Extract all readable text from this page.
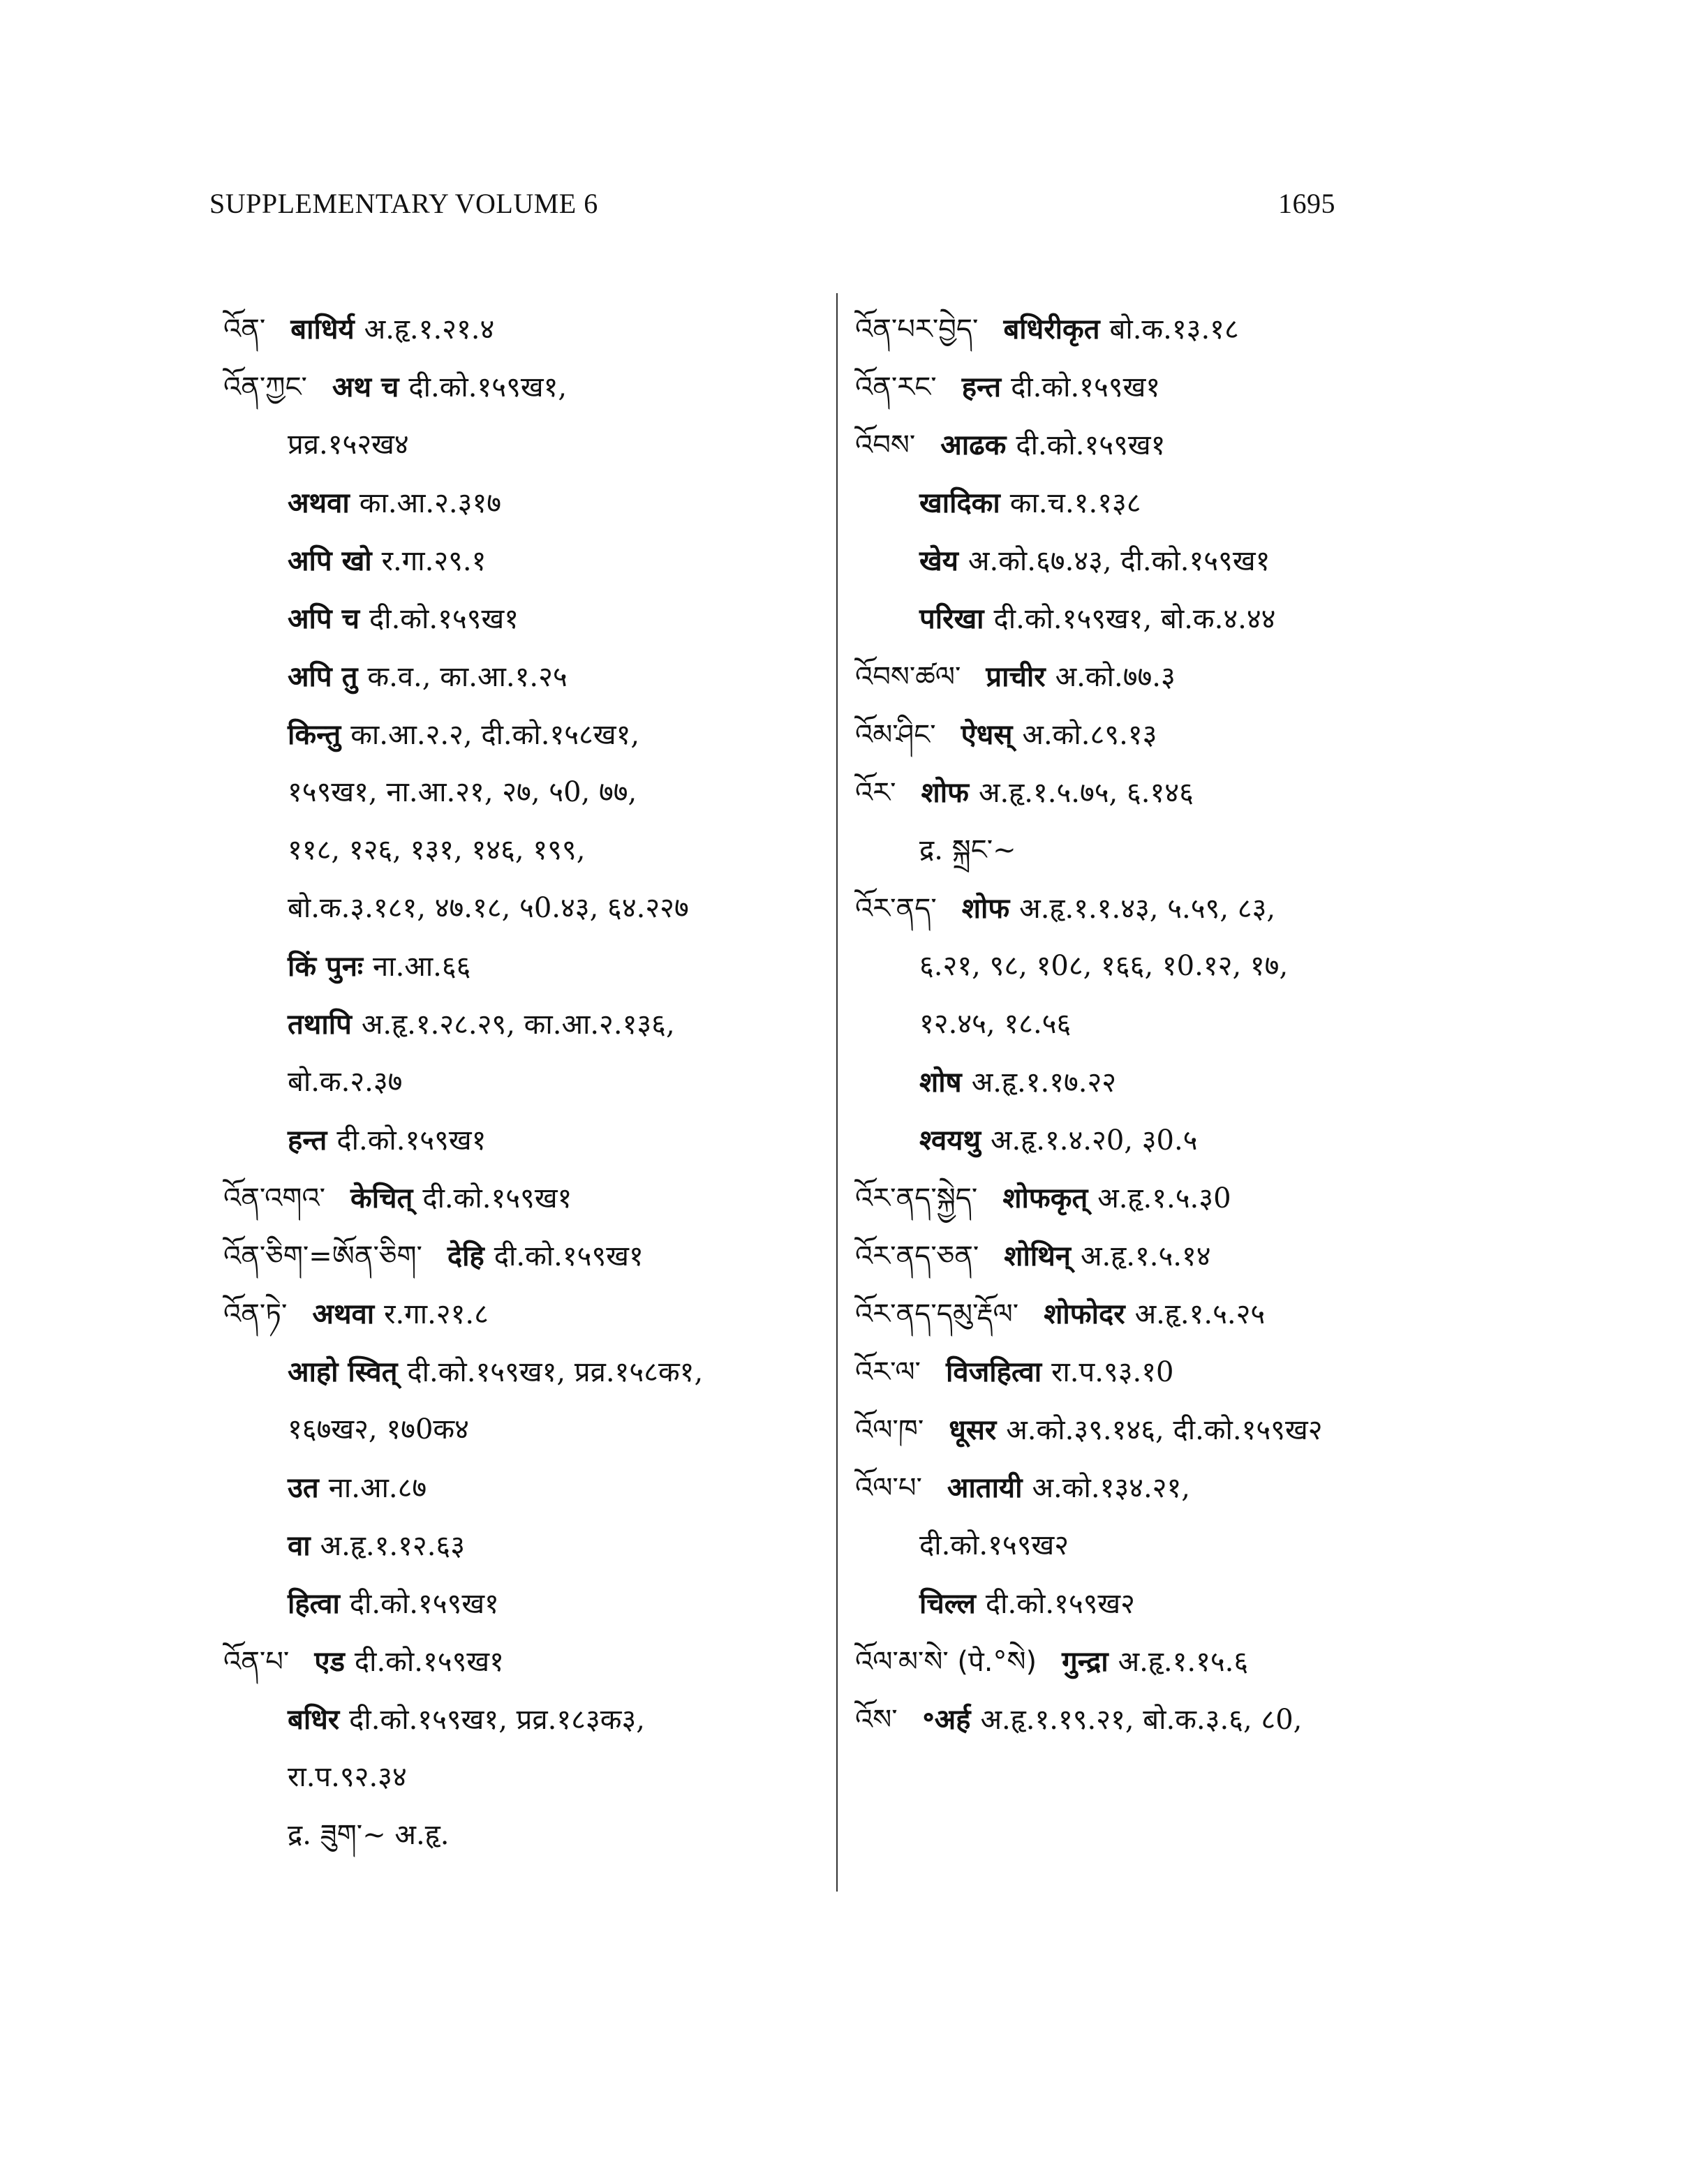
SUPPLEMENTARY VOLUME 6	1695
འོན་ बाधिर्य अ.हृ.१.२१.४
འོན་ཀྱང་ अथ च दी.को.१५९ख१,
प्रव्र.१५२ख४
अथवा का.आ.२.३१७
अपि खो र.गा.२९.१
अपि च दी.को.१५९ख१
अपि तु क.व., का.आ.१.२५
किन्तु का.आ.२.२, दी.को.१५८ख१,
१५९ख१, ना.आ.२१, २७, ५0, ७७,
११८, १२६, १३१, १४६, १९९,
बो.क.३.१८१, ४७.१८, ५0.४३, ६४.२२७
किं पुनः ना.आ.६६
तथापि अ.हृ.१.२८.२९, का.आ.२.१३६,
बो.क.२.३७
हन्त दी.को.१५९ख१
འོན་འགའ་ केचित् दी.को.१५९ख१
འོན་ཅིག་=ཨོན་ཅིག་ देहि दी.को.१५९ख१
འོན་ཏེ་ अथवा र.गा.२१.८
आहो स्वित् दी.को.१५९ख१, प्रव्र.१५८क१,
१६७ख२, १७0क४
उत ना.आ.८७
वा अ.हृ.१.१२.६३
हित्वा दी.को.१५९ख१
འོན་པ་ एड दी.को.१५९ख१
बधिर दी.को.१५९ख१, प्रव्र.१८३क३,
रा.प.९२.३४
द्र. ཟུག་~ अ.हृ.
འོན་པར་བྱེད་ बधिरीकृत बो.क.१३.१८
འོན་རང་ हन्त दी.को.१५९ख१
འོབས་ आढक दी.को.१५९ख१
खादिका का.च.१.१३८
खेय अ.को.६७.४३, दी.को.१५९ख१
परिखा दी.को.१५९ख१, बो.क.४.४४
འོབས་ཚལ་ प्राचीर अ.को.७७.३
འོམ་ཤིང་ ऐधस् अ.को.८९.१३
འོར་ शोफ अ.हृ.१.५.७५, ६.१४६
द्र. སྐྲང་~
འོར་ནད་ शोफ अ.हृ.१.१.४३, ५.५९, ८३,
६.२१, ९८, १0८, १६६, १0.१२, १७,
१२.४५, १८.५६
शोष अ.हृ.१.१७.२२
श्वयथु अ.हृ.१.४.२0, ३0.५
འོར་ནད་སྐྱེད་ शोफकृत् अ.हृ.१.५.३0
འོར་ནད་ཅན་ शोथिन् अ.हृ.१.५.१४
འོར་ནད་དམུ་རྡོལ་ शोफोदर अ.हृ.१.५.२५
འོར་ལ་ विजहित्वा रा.प.९३.१0
འོལ་ཁ་ धूसर अ.को.३९.१४६, दी.को.१५९ख२
འོལ་པ་ आतायी अ.को.१३४.२१,
दी.को.१५९ख२
चिल्ल दी.को.१५९ख२
འོལ་མ་སེ་ (पे.°སེ) गुन्द्रा अ.हृ.१.१५.६
འོས་ ॰अर्ह अ.हृ.१.१९.२१, बो.क.३.६, ८0,
